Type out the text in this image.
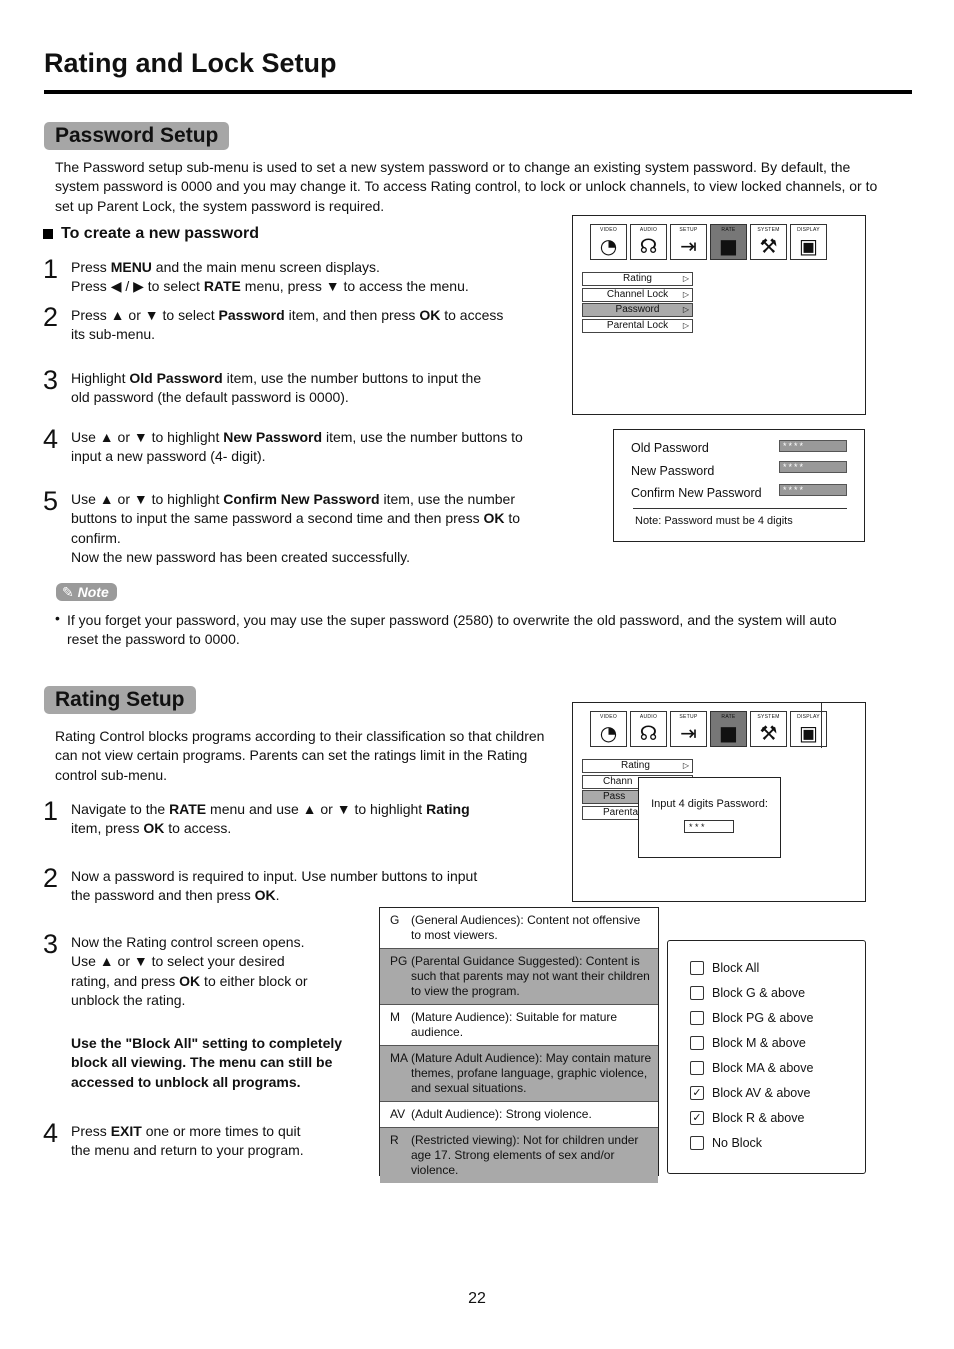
Rating and Lock Setup
Password Setup
The Password setup sub-menu is used to set a new system password or to change an existing system password. By default, the system password is 0000 and you may change it. To access Rating control, to lock or unlock channels, to view locked channels, or to set up Parent Lock, the system password is required.
To create a new password
1 Press MENU and the main menu screen displays.
Press ◀ / ▶ to select RATE menu, press ▼ to access the menu.
2 Press ▲ or ▼ to select Password item, and then press OK to access
its sub-menu.
3 Highlight Old Password item, use the number buttons to input the
old password (the default password is 0000).
4 Use ▲ or ▼ to highlight New Password item, use the number buttons to
input a new password (4- digit).
5 Use ▲ or ▼ to highlight Confirm New Password item, use the number
buttons to input the same password a second time and then press OK to
confirm.
Now the new password has been created successfully.
VIDEO
◔
AUDIO
☊
SETUP
⇥
RATE
■
SYSTEM
⚒
DISPLAY
▣
Rating	▷
Channel Lock ▷
Password	▷
Parental Lock ▷
Old Password	****
New Password	****
Confirm New Password	****
Note: Password must be 4 digits
✎ Note
• If you forget your password, you may use the super password (2580) to overwrite the old password, and the system will auto reset the password to 0000.
Rating Setup
Rating Control blocks programs according to their classification so that children can not view certain programs. Parents can set the ratings limit in the Rating control sub-menu.
1 Navigate to the RATE menu and use ▲ or ▼ to highlight Rating
item, press OK to access.
2 Now a password is required to input. Use number buttons to input
the password and then press OK.
3 Now the Rating control screen opens.
Use ▲ or ▼ to select your desired
rating, and press OK to either block or
unblock the rating.
4 Press EXIT one or more times to quit
the menu and return to your program.
Use the "Block All" setting to completely block all viewing. The menu can still be accessed to unblock all programs.
VIDEO
◔
AUDIO
☊
SETUP
⇥
RATE
■
SYSTEM
⚒
DISPLAY
▣
Rating	▷
Chann
Pass
Parenta
Input 4 digits Password:
* * *
G (General Audiences): Content not offensive to most viewers.
PG (Parental Guidance Suggested): Content is such that parents may not want their children to view the program.
M (Mature Audience): Suitable for mature audience.
MA (Mature Adult Audience): May contain mature themes, profane language, graphic violence, and sexual situations.
AV (Adult Audience): Strong violence.
R (Restricted viewing): Not for children under age 17. Strong elements of sex and/or violence.
Block All
Block G & above
Block PG & above
Block M & above
Block MA & above
✓ Block AV & above
✓ Block R & above
No Block
22
